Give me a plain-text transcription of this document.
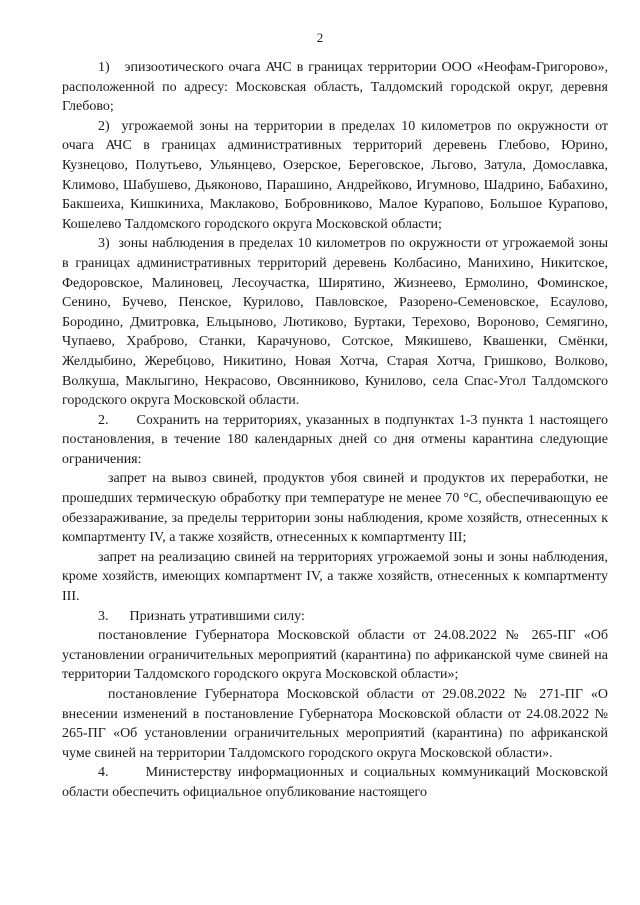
2

1)   эпизоотического очага АЧС в границах территории ООО «Неофам-Григорово», расположенной по адресу: Московская область, Талдомский городской округ, деревня Глебово;

2)  угрожаемой зоны на территории в пределах 10 километров по окружности от очага АЧС в границах административных территорий деревень Глебово, Юрино, Кузнецово, Полутьево, Ульянцево, Озерское, Береговское, Льгово, Затула, Домославка, Климово, Шабушево, Дьяконово, Парашино, Андрейково, Игумново, Шадрино, Бабахино, Бакшеиха, Кишкиниха, Маклаково, Бобровниково, Малое Курапово, Большое Курапово, Кошелево Талдомского городского округа Московской области;

3)  зоны наблюдения в пределах 10 километров по окружности от угрожаемой зоны в границах административных территорий деревень Колбасино, Манихино, Никитское, Федоровское, Малиновец, Лесоучастка, Ширятино, Жизнеево, Ермолино, Фоминское, Сенино, Бучево, Пенское, Курилово, Павловское, Разорено-Семеновское, Есаулово, Бородино, Дмитровка, Ельцыново, Лютиково, Буртаки, Терехово, Вороново, Семягино, Чупаево, Храброво, Станки, Карачуново, Сотское, Мякишево, Квашенки, Смёнки, Желдыбино, Жеребцово, Никитино, Новая Хотча, Старая Хотча, Гришково, Волково, Волкуша, Маклыгино, Некрасово, Овсянниково, Кунилово, села Спас-Угол Талдомского городского округа Московской области.

2.      Сохранить на территориях, указанных в подпунктах 1-3 пункта 1 настоящего постановления, в течение 180 календарных дней со дня отмены карантина следующие ограничения:

запрет на вывоз свиней, продуктов убоя свиней и продуктов их переработки, не прошедших термическую обработку при температуре не менее 70 °С, обеспечивающую ее обеззараживание, за пределы территории зоны наблюдения, кроме хозяйств, отнесенных к компартменту IV, а также хозяйств, отнесенных к компартменту III;

запрет на реализацию свиней на территориях угрожаемой зоны и зоны наблюдения, кроме хозяйств, имеющих компартмент IV, а также хозяйств, отнесенных к компартменту III.

3.      Признать утратившими силу:

постановление Губернатора Московской области от 24.08.2022 № 265-ПГ «Об установлении ограничительных мероприятий (карантина) по африканской чуме свиней на территории Талдомского городского округа Московской области»;

постановление Губернатора Московской области от 29.08.2022 № 271-ПГ «О внесении изменений в постановление Губернатора Московской области от 24.08.2022 № 265-ПГ «Об установлении ограничительных мероприятий (карантина) по африканской чуме свиней на территории Талдомского городского округа Московской области».

4.      Министерству информационных и социальных коммуникаций Московской области обеспечить официальное опубликование настоящего
